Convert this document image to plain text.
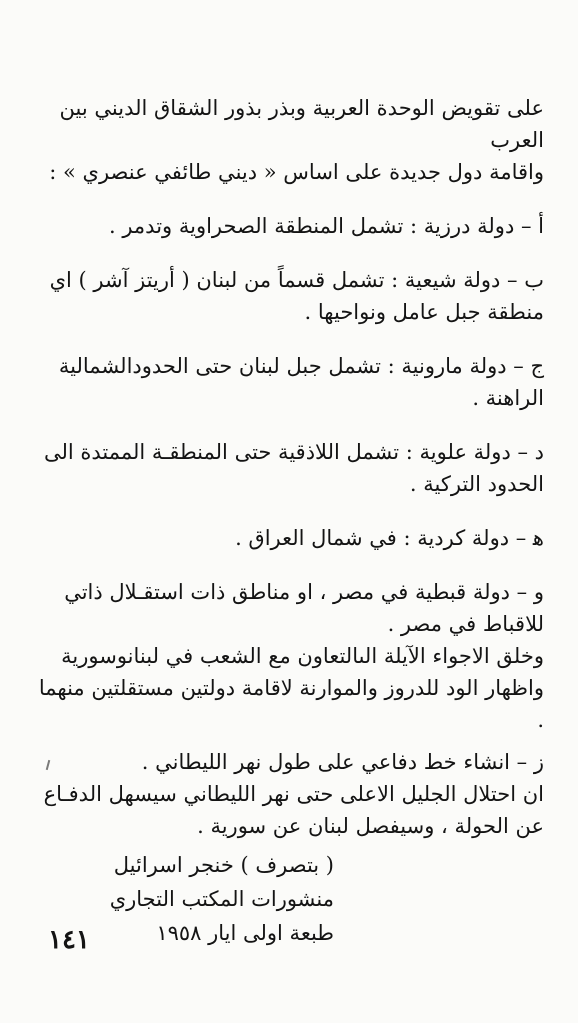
على تقويض الوحدة العربية وبذر بذور الشقاق الديني بين العرب

واقامة دول جديدة على اساس « ديني طائفي عنصري » :

أ – دولة درزية : تشمل المنطقة الصحراوية وتدمر .

ب – دولة شيعية : تشمل قسماً من لبنان ( أريتز آشر ) اي

منطقة جبل عامل ونواحيها .

ج – دولة مارونية : تشمل جبل لبنان حتى الحدودالشمالية

الراهنة .

د – دولة علوية : تشمل اللاذقية حتى المنطقـة الممتدة الى

الحدود التركية .

ﻫ – دولة كردية : في شمال العراق .

و – دولة قبطية في مصر ، او مناطق ذات استقـلال ذاتي

للاقباط في مصر .

وخلق الاجواء الآيلة الىالتعاون مع الشعب في لبنانوسورية

واظهار الود للدروز والموارنة لاقامة دولتين مستقلتين منهما .

ز – انشاء خط دفاعي على طول نهر الليطاني .

ان احتلال الجليل الاعلى حتى نهر الليطاني سيسهل الدفـاع

عن الحولة ، وسيفصل لبنان عن سورية .

( بتصرف ) خنجر اسرائيل

منشورات المكتب التجاري

طبعة اولى ايار ١٩٥٨

١٤١
